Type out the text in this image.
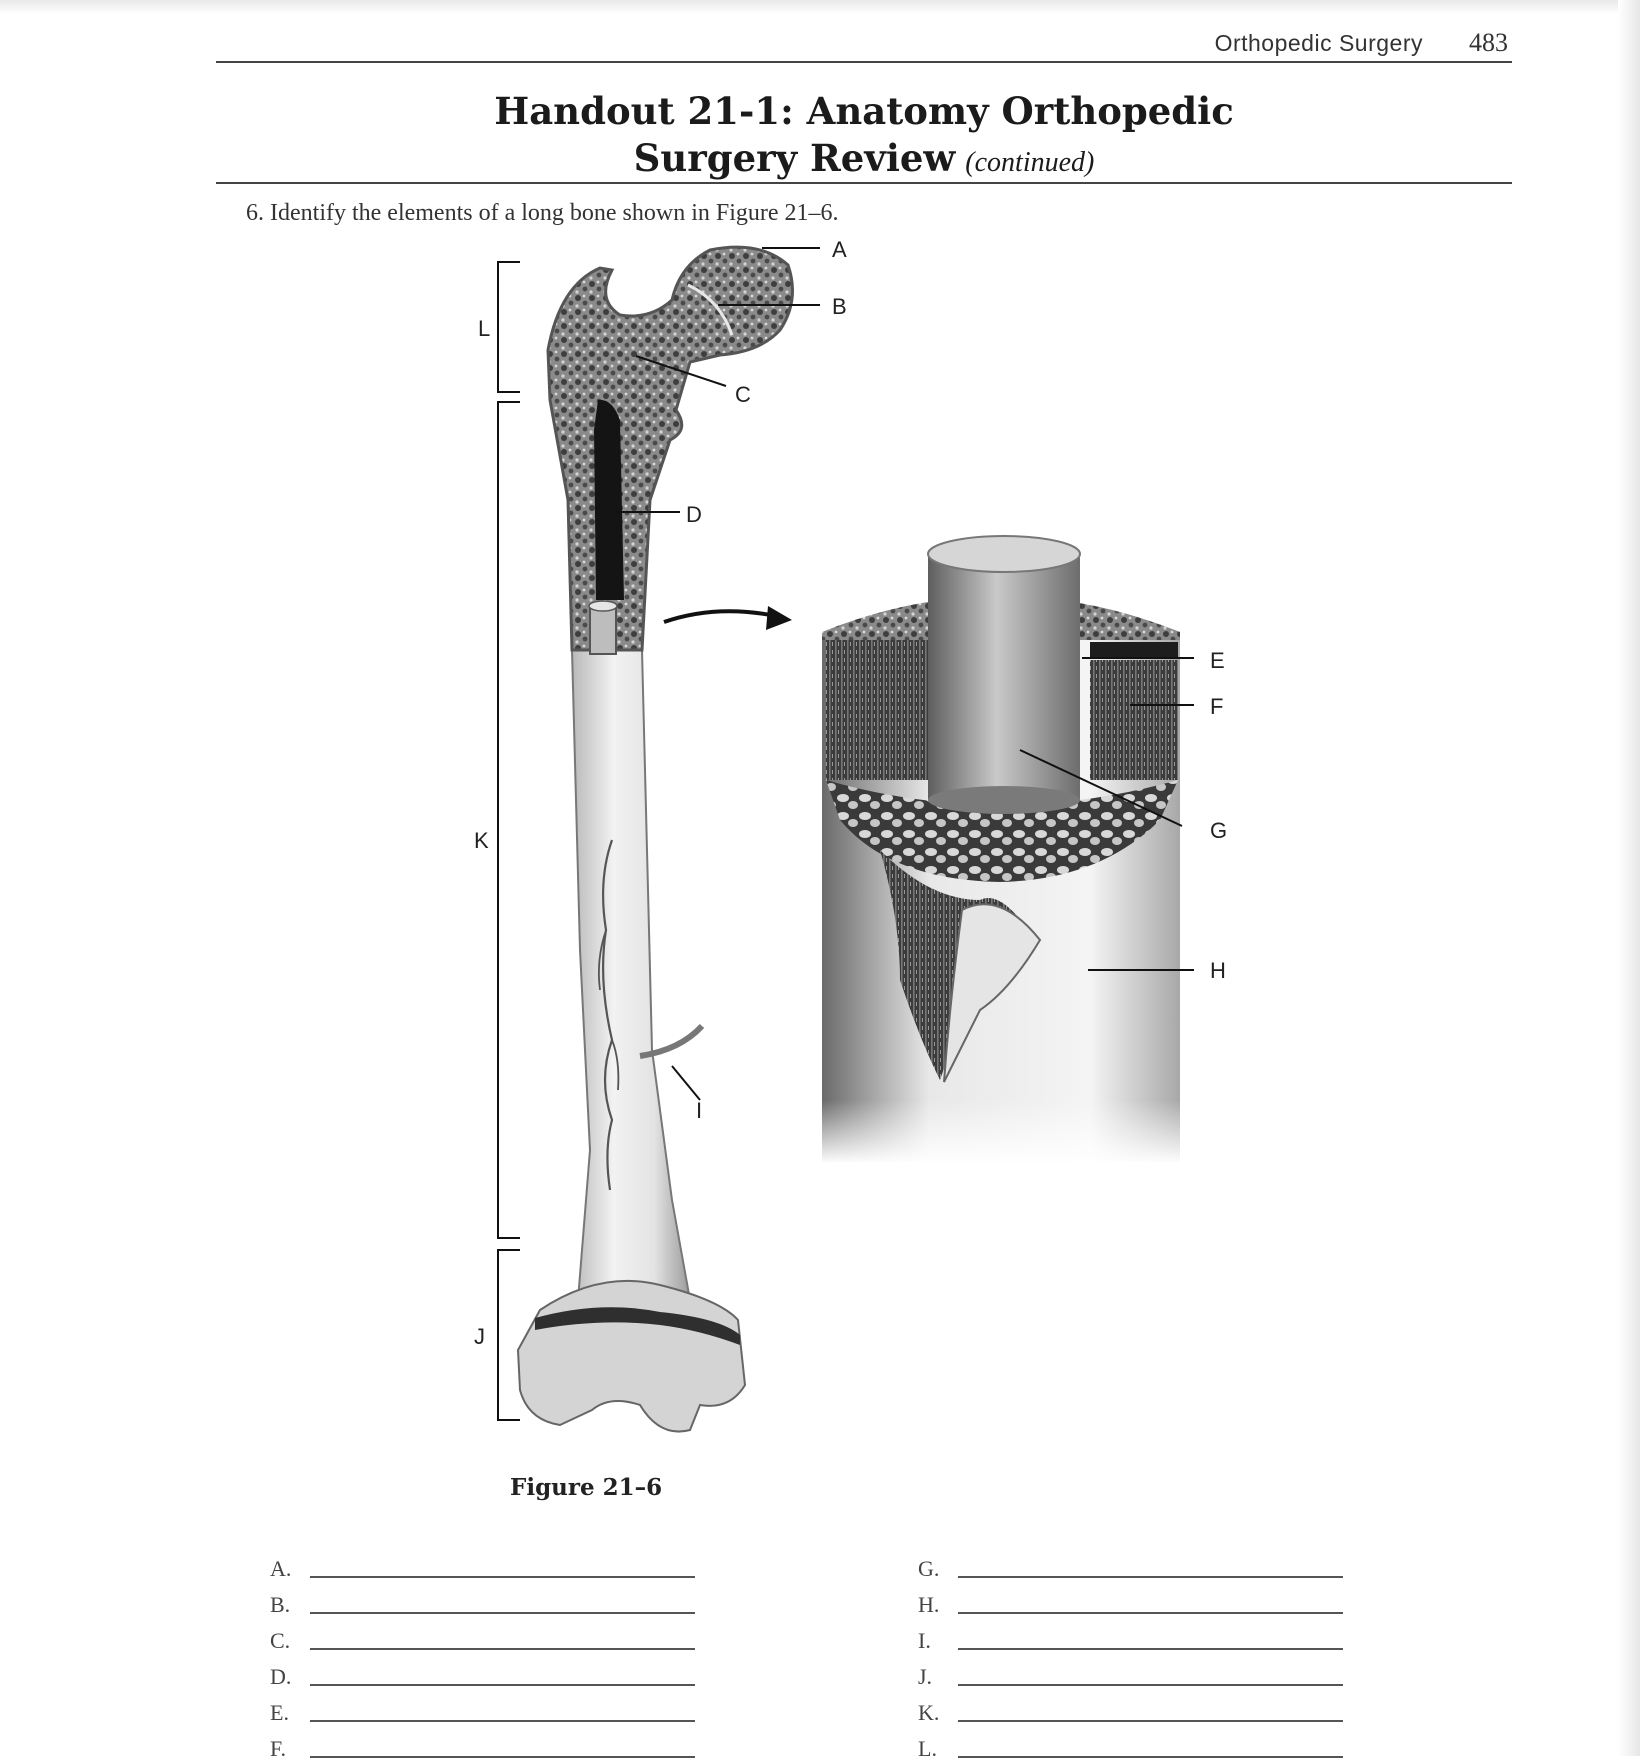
Orthopedic Surgery 483
Handout 21-1: Anatomy Orthopedic
Surgery Review (continued)
6. Identify the elements of a long bone shown in Figure 21–6.
A
B
C
D
E
F
G
H
I
J
K
L
Figure 21–6
A.
B.
C.
D.
E.
F.
G.
H.
I.
J.
K.
L.
